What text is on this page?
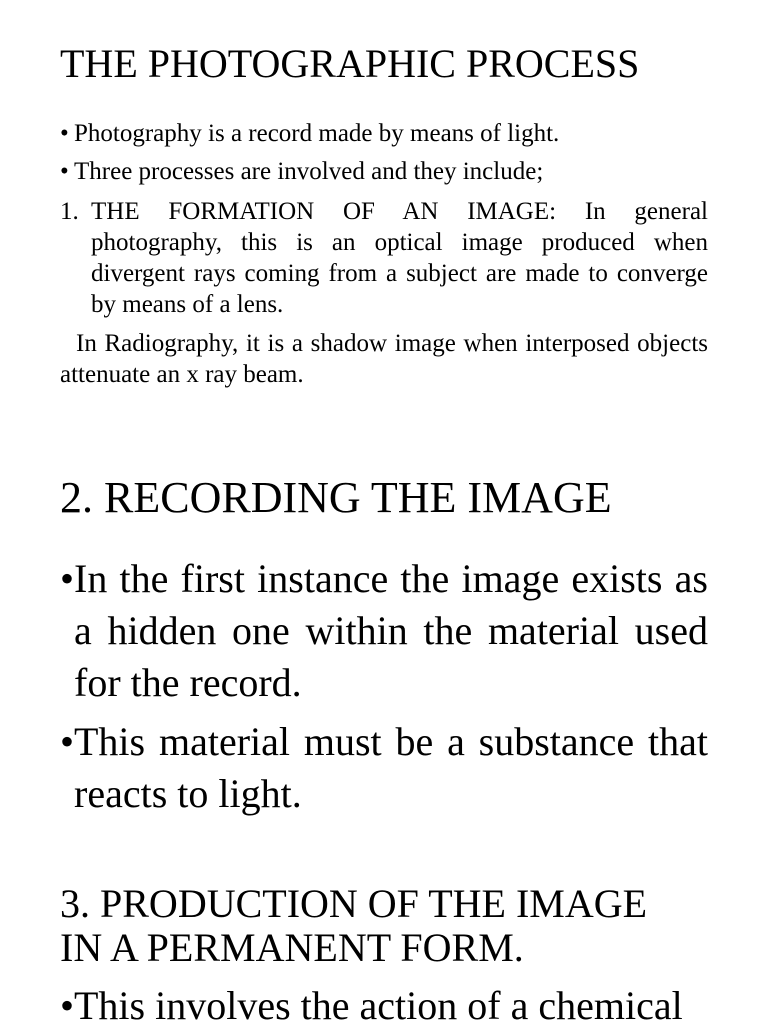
THE PHOTOGRAPHIC PROCESS
• Photography is a record made by means of light.
• Three processes are involved and they include;
1. THE FORMATION OF AN IMAGE: In general photography, this is an optical image produced when divergent rays coming from a subject are made to converge by means of a lens.
In Radiography, it is a shadow image when interposed objects attenuate an x ray beam.
2. RECORDING THE IMAGE
•In the first instance the image exists as a hidden one within the material used for the record.
•This material must be a substance that reacts to light.
3. PRODUCTION OF THE IMAGE
IN A PERMANENT FORM.
•This involves the action of a chemical
